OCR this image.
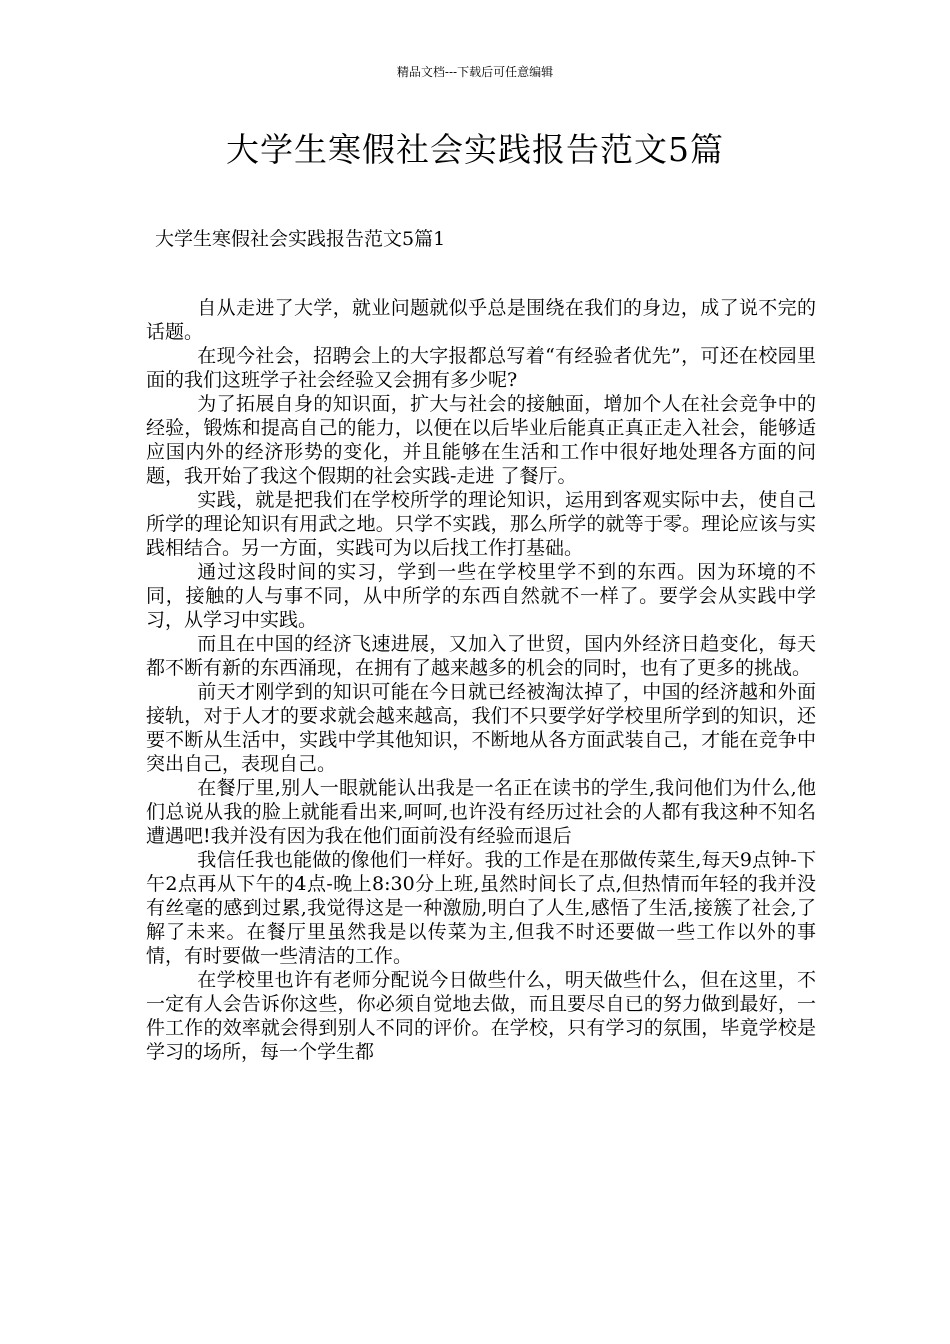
精品文档---下载后可任意编辑
大学生寒假社会实践报告范文5篇
大学生寒假社会实践报告范文5篇1

自从走进了大学，就业问题就似乎总是围绕在我们的身边，成了说不完的话题。

在现今社会，招聘会上的大字报都总写着“有经验者优先”，可还在校园里面的我们这班学子社会经验又会拥有多少呢?

为了拓展自身的知识面，扩大与社会的接触面，增加个人在社会竞争中的经验，锻炼和提高自己的能力，以便在以后毕业后能真正真正走入社会，能够适应国内外的经济形势的变化，并且能够在生活和工作中很好地处理各方面的问题，我开始了我这个假期的社会实践-走进 了餐厅。

实践，就是把我们在学校所学的理论知识，运用到客观实际中去，使自己所学的理论知识有用武之地。只学不实践，那么所学的就等于零。理论应该与实践相结合。另一方面，实践可为以后找工作打基础。

通过这段时间的实习，学到一些在学校里学不到的东西。因为环境的不同，接触的人与事不同，从中所学的东西自然就不一样了。要学会从实践中学习，从学习中实践。

而且在中国的经济飞速进展，又加入了世贸，国内外经济日趋变化，每天都不断有新的东西涌现，在拥有了越来越多的机会的同时，也有了更多的挑战。

前天才刚学到的知识可能在今日就已经被淘汰掉了，中国的经济越和外面接轨，对于人才的要求就会越来越高，我们不只要学好学校里所学到的知识，还要不断从生活中，实践中学其他知识，不断地从各方面武装自己，才能在竞争中突出自己，表现自己。

在餐厅里,别人一眼就能认出我是一名正在读书的学生,我问他们为什么,他们总说从我的脸上就能看出来,呵呵,也许没有经历过社会的人都有我这种不知名遭遇吧!我并没有因为我在他们面前没有经验而退后

我信任我也能做的像他们一样好。我的工作是在那做传菜生,每天9点钟-下午2点再从下午的4点-晚上8:30分上班,虽然时间长了点,但热情而年轻的我并没有丝毫的感到过累,我觉得这是一种激励,明白了人生,感悟了生活,接簇了社会,了解了未来。在餐厅里虽然我是以传菜为主,但我不时还要做一些工作以外的事情，有时要做一些清洁的工作。

在学校里也许有老师分配说今日做些什么，明天做些什么，但在这里，不一定有人会告诉你这些，你必须自觉地去做，而且要尽自已的努力做到最好，一件工作的效率就会得到别人不同的评价。在学校，只有学习的氛围，毕竟学校是学习的场所，每一个学生都
